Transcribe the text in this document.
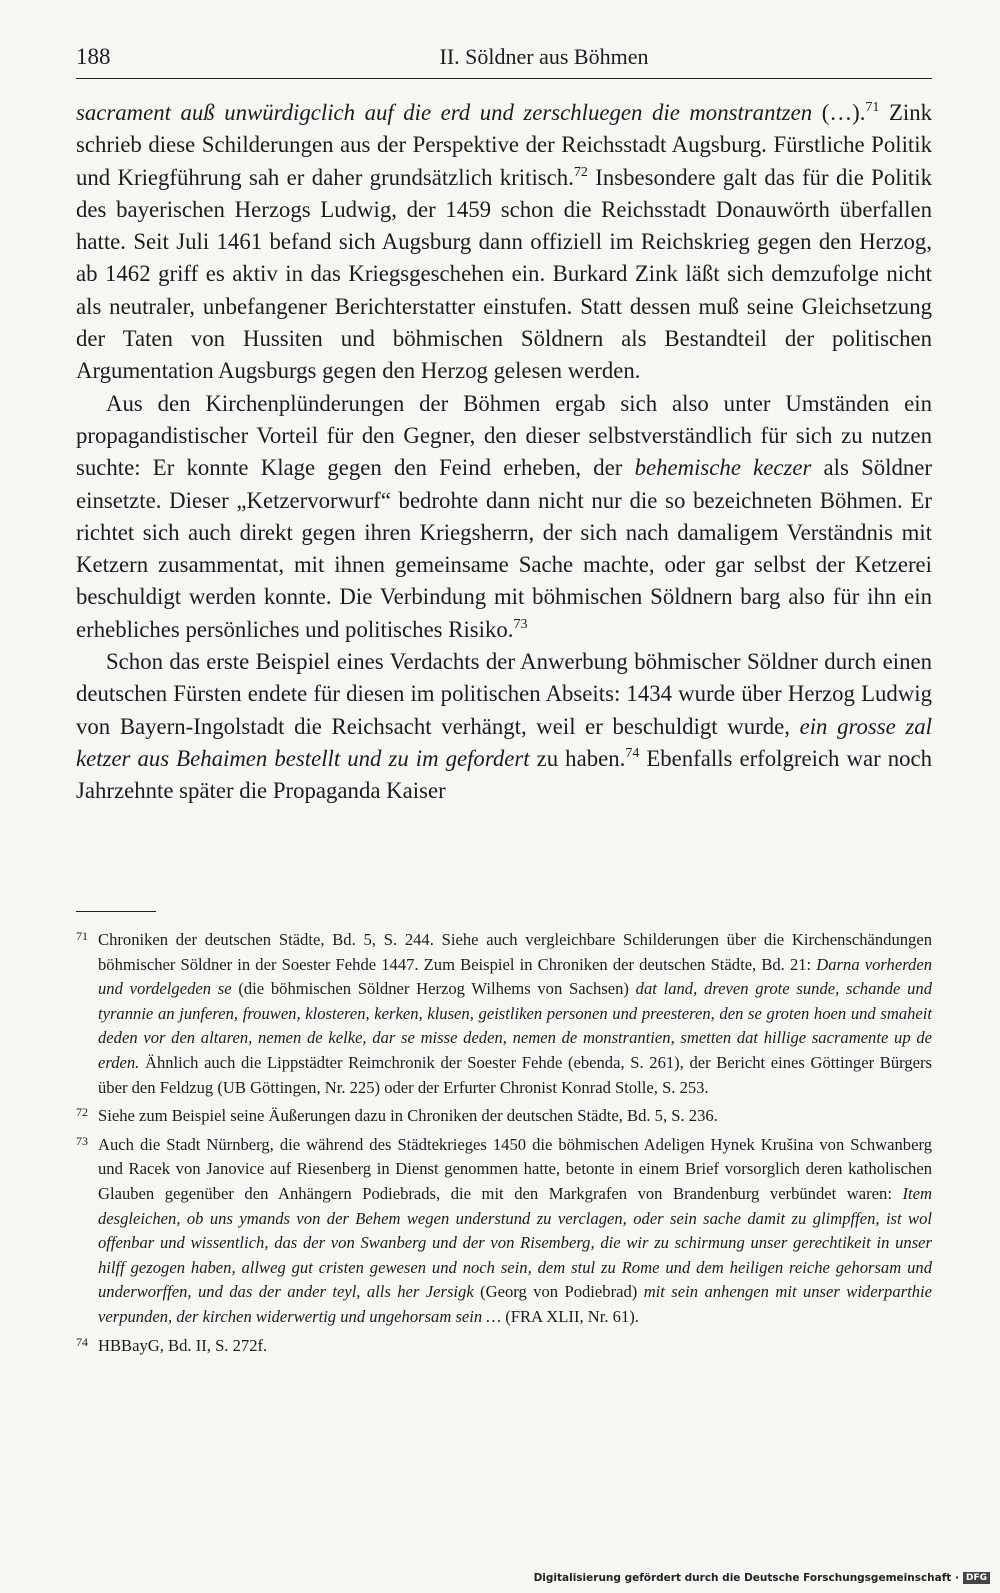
188	II. Söldner aus Böhmen

sacrament auß unwürdigclich auf die erd und zerschluegen die monstrantzen (…).$^{71}$ Zink schrieb diese Schilderungen aus der Perspektive der Reichsstadt Augsburg. Fürstliche Politik und Kriegführung sah er daher grundsätzlich kritisch.$^{72}$ Insbesondere galt das für die Politik des bayerischen Herzogs Ludwig, der 1459 schon die Reichsstadt Donauwörth überfallen hatte. Seit Juli 1461 befand sich Augsburg dann offiziell im Reichskrieg gegen den Herzog, ab 1462 griff es aktiv in das Kriegsgeschehen ein. Burkard Zink läßt sich demzufolge nicht als neutraler, unbefangener Berichterstatter einstufen. Statt dessen muß seine Gleichsetzung der Taten von Hussiten und böhmischen Söldnern als Bestandteil der politischen Argumentation Augsburgs gegen den Herzog gelesen werden.

Aus den Kirchenplünderungen der Böhmen ergab sich also unter Umständen ein propagandistischer Vorteil für den Gegner, den dieser selbstverständlich für sich zu nutzen suchte: Er konnte Klage gegen den Feind erheben, der behemische keczer als Söldner einsetzte. Dieser „Ketzervorwurf“ bedrohte dann nicht nur die so bezeichneten Böhmen. Er richtet sich auch direkt gegen ihren Kriegsherrn, der sich nach damaligem Verständnis mit Ketzern zusammentat, mit ihnen gemeinsame Sache machte, oder gar selbst der Ketzerei beschuldigt werden konnte. Die Verbindung mit böhmischen Söldnern barg also für ihn ein erhebliches persönliches und politisches Risiko.$^{73}$

Schon das erste Beispiel eines Verdachts der Anwerbung böhmischer Söldner durch einen deutschen Fürsten endete für diesen im politischen Abseits: 1434 wurde über Herzog Ludwig von Bayern-Ingolstadt die Reichsacht verhängt, weil er beschuldigt wurde, ein grosse zal ketzer aus Behaimen bestellt und zu im gefordert zu haben.$^{74}$ Ebenfalls erfolgreich war noch Jahrzehnte später die Propaganda Kaiser

71 Chroniken der deutschen Städte, Bd. 5, S. 244. Siehe auch vergleichbare Schilderungen über die Kirchenschändungen böhmischer Söldner in der Soester Fehde 1447. Zum Beispiel in Chroniken der deutschen Städte, Bd. 21: Darna vorherden und vordelgeden se (die böhmischen Söldner Herzog Wilhems von Sachsen) dat land, dreven grote sunde, schande und tyrannie an junferen, frouwen, klosteren, kerken, klusen, geistliken personen und preesteren, den se groten hoen und smaheit deden vor den altaren, nemen de kelke, dar se misse deden, nemen de monstrantien, smetten dat hillige sacramente up de erden. Ähnlich auch die Lippstädter Reimchronik der Soester Fehde (ebenda, S. 261), der Bericht eines Göttinger Bürgers über den Feldzug (UB Göttingen, Nr. 225) oder der Erfurter Chronist Konrad Stolle, S. 253.
72 Siehe zum Beispiel seine Äußerungen dazu in Chroniken der deutschen Städte, Bd. 5, S. 236.
73 Auch die Stadt Nürnberg, die während des Städtekrieges 1450 die böhmischen Adeligen Hynek Krušina von Schwanberg und Racek von Janovice auf Riesenberg in Dienst genommen hatte, betonte in einem Brief vorsorglich deren katholischen Glauben gegenüber den Anhängern Podiebrads, die mit den Markgrafen von Brandenburg verbündet waren: Item desgleichen, ob uns ymands von der Behem wegen understund zu verclagen, oder sein sache damit zu glimpffen, ist wol offenbar und wissentlich, das der von Swanberg und der von Risemberg, die wir zu schirmung unser gerechtikeit in unser hilff gezogen haben, allweg gut cristen gewesen und noch sein, dem stul zu Rome und dem heiligen reiche gehorsam und underworffen, und das der ander teyl, alls her Jersigk (Georg von Podiebrad) mit sein anhengen mit unser widerparthie verpunden, der kirchen widerwertig und ungehorsam sein … (FRA XLII, Nr. 61).
74 HBBayG, Bd. II, S. 272f.
Digitalisierung gefördert durch die Deutsche Forschungsgemeinschaft · DFG
